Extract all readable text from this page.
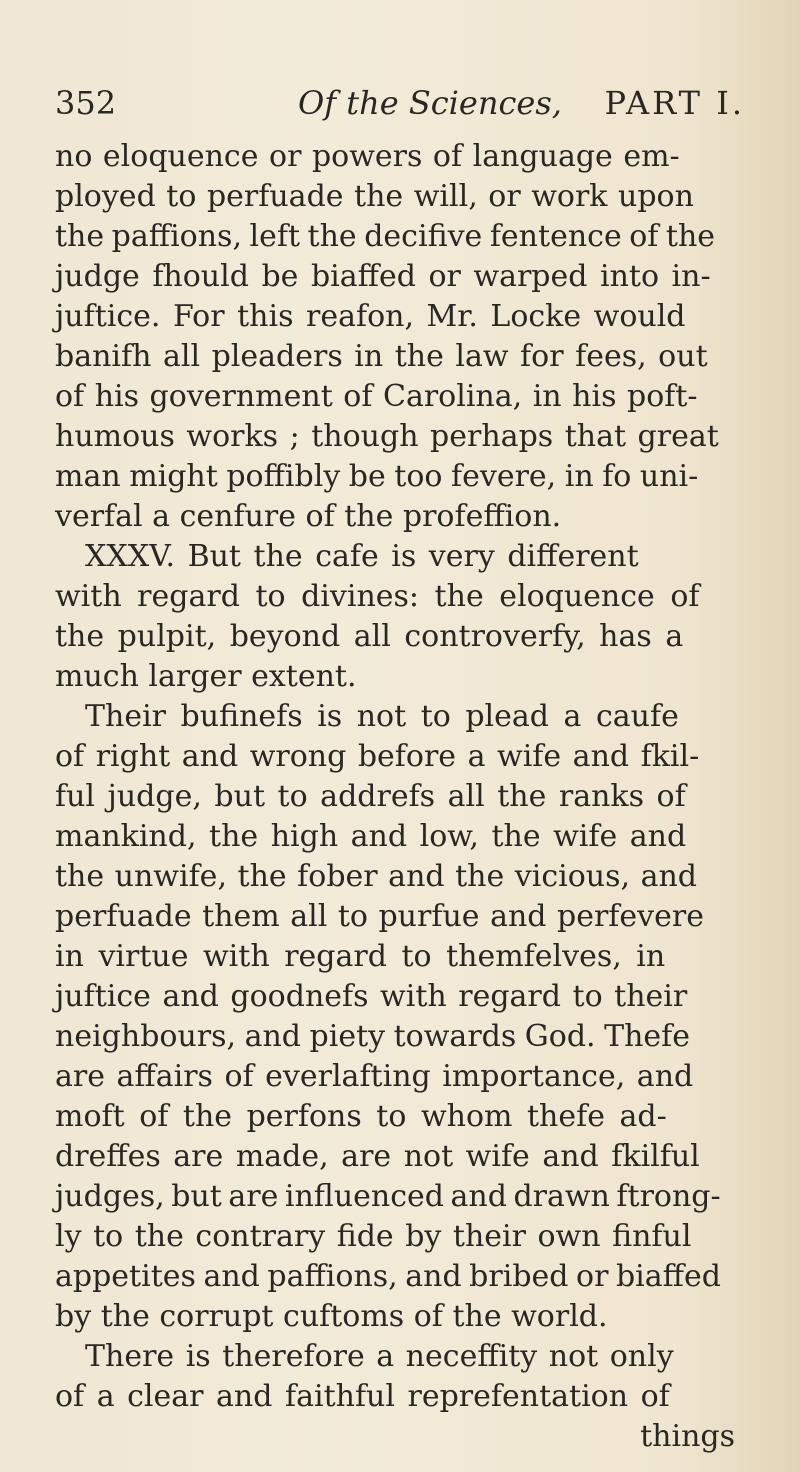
352	Of the Sciences, PART I.
no eloquence or powers of language em-
ployed to perfuade the will, or work upon
the paffions, left the decifive fentence of the
judge fhould be biaffed or warped into in-
juftice. For this reafon, Mr. Locke would
banifh all pleaders in the law for fees, out
of his government of Carolina, in his poft-
humous works ; though perhaps that great
man might poffibly be too fevere, in fo uni-
verfal a cenfure of the profeffion.
XXXV. But the cafe is very different
with regard to divines: the eloquence of
the pulpit, beyond all controverfy, has a
much larger extent.
Their bufinefs is not to plead a caufe
of right and wrong before a wife and fkil-
ful judge, but to addrefs all the ranks of
mankind, the high and low, the wife and
the unwife, the fober and the vicious, and
perfuade them all to purfue and perfevere
in virtue with regard to themfelves, in
juftice and goodnefs with regard to their
neighbours, and piety towards God. Thefe
are affairs of everlafting importance, and
moft of the perfons to whom thefe ad-
dreffes are made, are not wife and fkilful
judges, but are influenced and drawn ftrong-
ly to the contrary fide by their own finful
appetites and paffions, and bribed or biaffed
by the corrupt cuftoms of the world.
There is therefore a neceffity not only
of a clear and faithful reprefentation of
things
